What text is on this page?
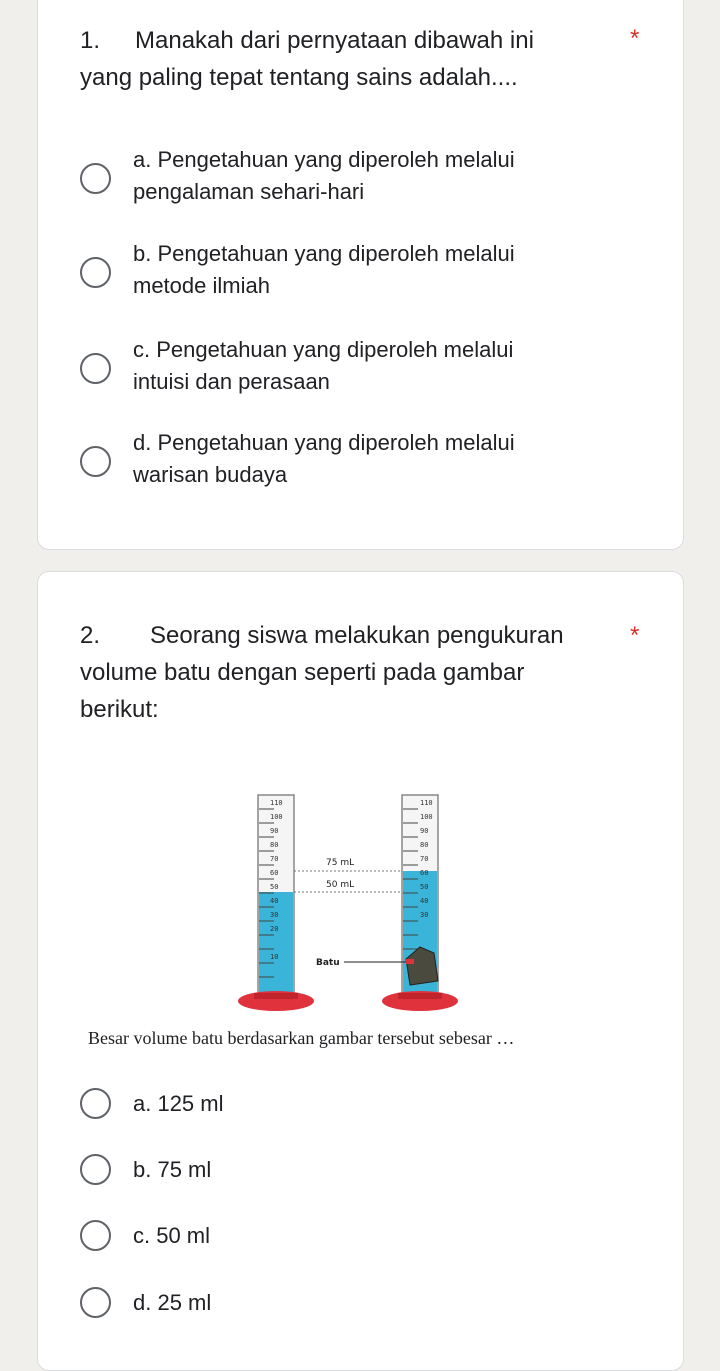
1. Manakah dari pernyataan dibawah ini
yang paling tepat tentang sains adalah....
*
a. Pengetahuan yang diperoleh melalui
pengalaman sehari-hari
b. Pengetahuan yang diperoleh melalui
metode ilmiah
c. Pengetahuan yang diperoleh melalui
intuisi dan perasaan
d. Pengetahuan yang diperoleh melalui
warisan budaya
2. Seorang siswa melakukan pengukuran
volume batu dengan seperti pada gambar
berikut:
*
110
100
90
80
70
60
50
40
30
20
10
110
100
90
80
70
60
50
40
30
75 mL
50 mL
Batu
Besar volume batu berdasarkan gambar tersebut sebesar …
a. 125 ml
b. 75 ml
c. 50 ml
d. 25 ml
